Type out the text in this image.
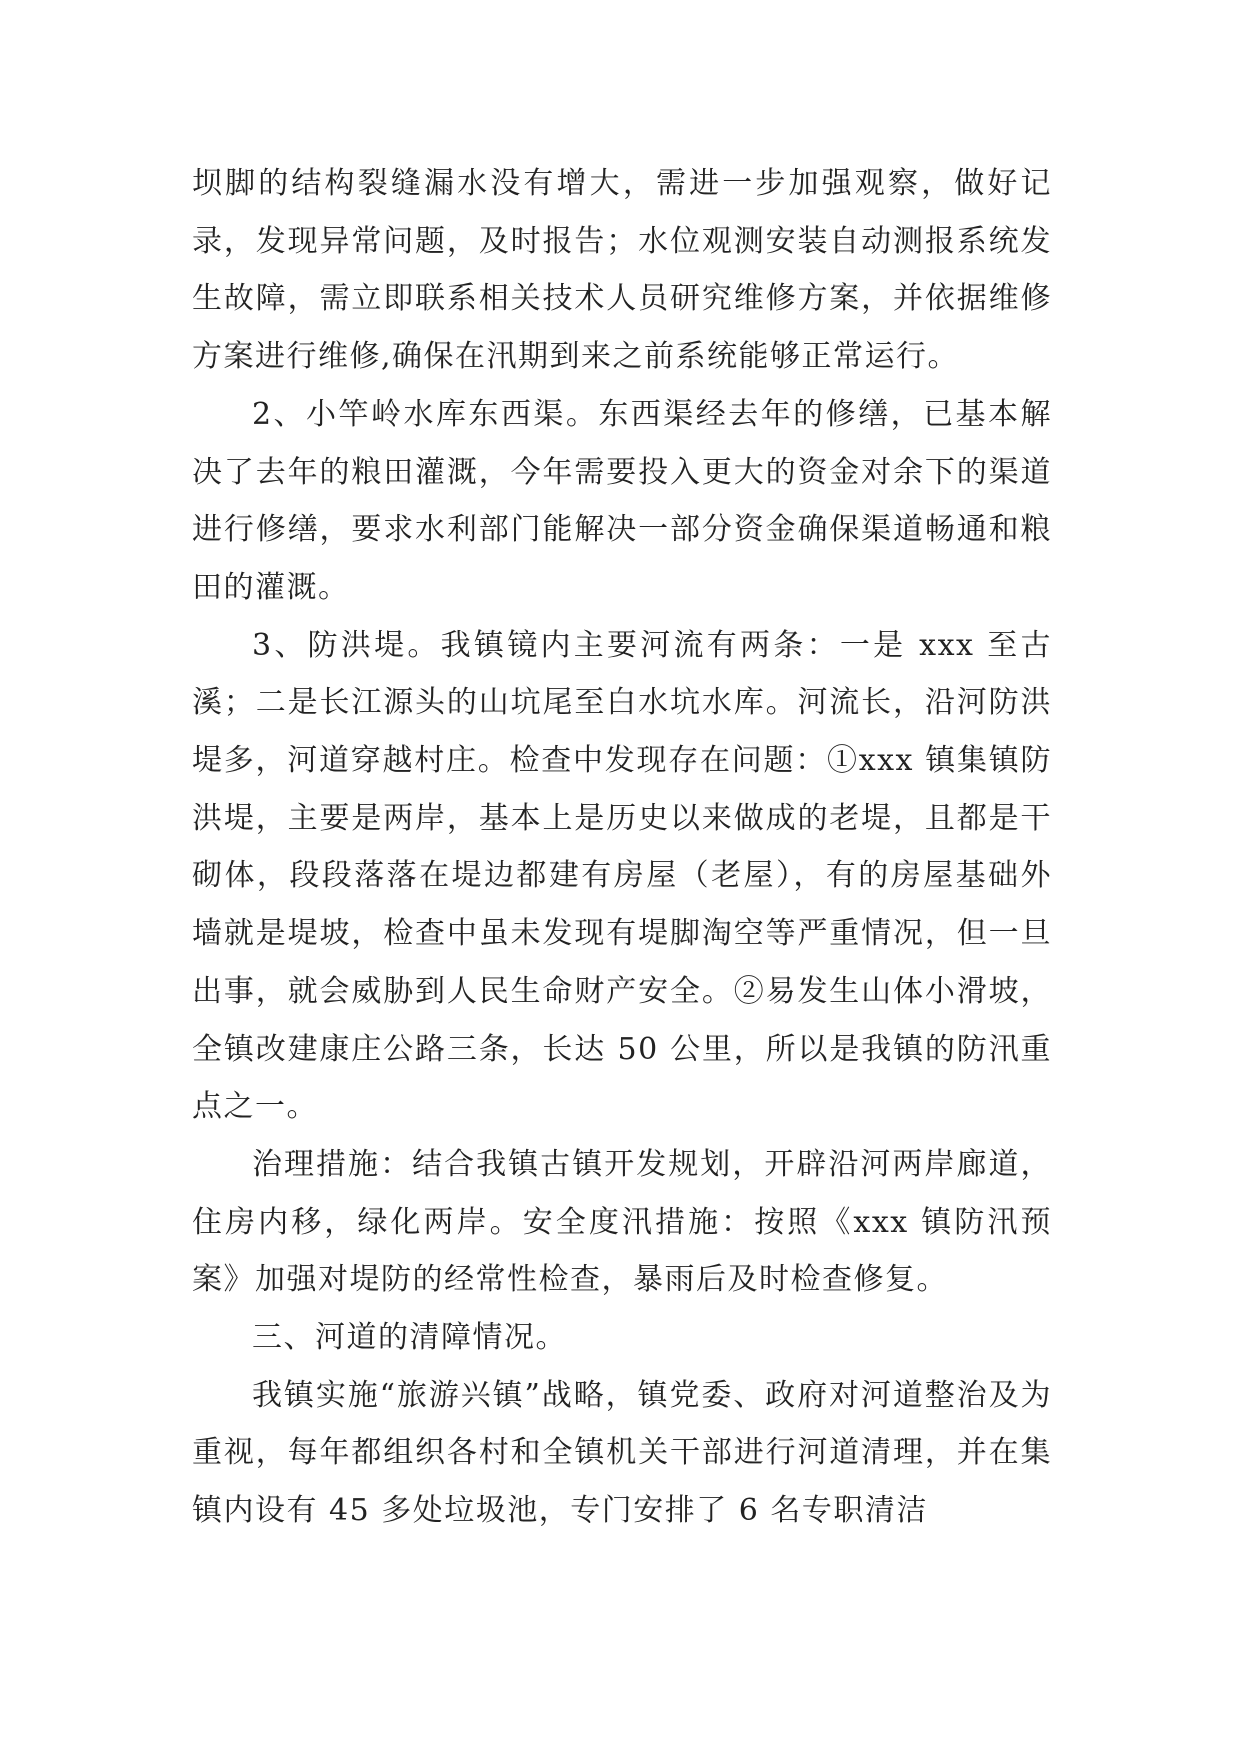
坝脚的结构裂缝漏水没有增大，需进一步加强观察，做好记录，发现异常问题，及时报告；水位观测安装自动测报系统发生故障，需立即联系相关技术人员研究维修方案，并依据维修方案进行维修,确保在汛期到来之前系统能够正常运行。

2、小竿岭水库东西渠。东西渠经去年的修缮，已基本解决了去年的粮田灌溉，今年需要投入更大的资金对余下的渠道进行修缮，要求水利部门能解决一部分资金确保渠道畅通和粮田的灌溉。

3、防洪堤。我镇镜内主要河流有两条：一是 xxx 至古溪；二是长江源头的山坑尾至白水坑水库。河流长，沿河防洪堤多，河道穿越村庄。检查中发现存在问题：①xxx 镇集镇防洪堤，主要是两岸，基本上是历史以来做成的老堤，且都是干砌体，段段落落在堤边都建有房屋（老屋），有的房屋基础外墙就是堤坡，检查中虽未发现有堤脚淘空等严重情况，但一旦出事，就会威胁到人民生命财产安全。②易发生山体小滑坡，全镇改建康庄公路三条，长达 50 公里，所以是我镇的防汛重点之一。

治理措施：结合我镇古镇开发规划，开辟沿河两岸廊道，住房内移，绿化两岸。安全度汛措施：按照《xxx 镇防汛预案》加强对堤防的经常性检查，暴雨后及时检查修复。

三、河道的清障情况。

我镇实施“旅游兴镇”战略，镇党委、政府对河道整治及为重视，每年都组织各村和全镇机关干部进行河道清理，并在集镇内设有 45 多处垃圾池，专门安排了 6 名专职清洁
